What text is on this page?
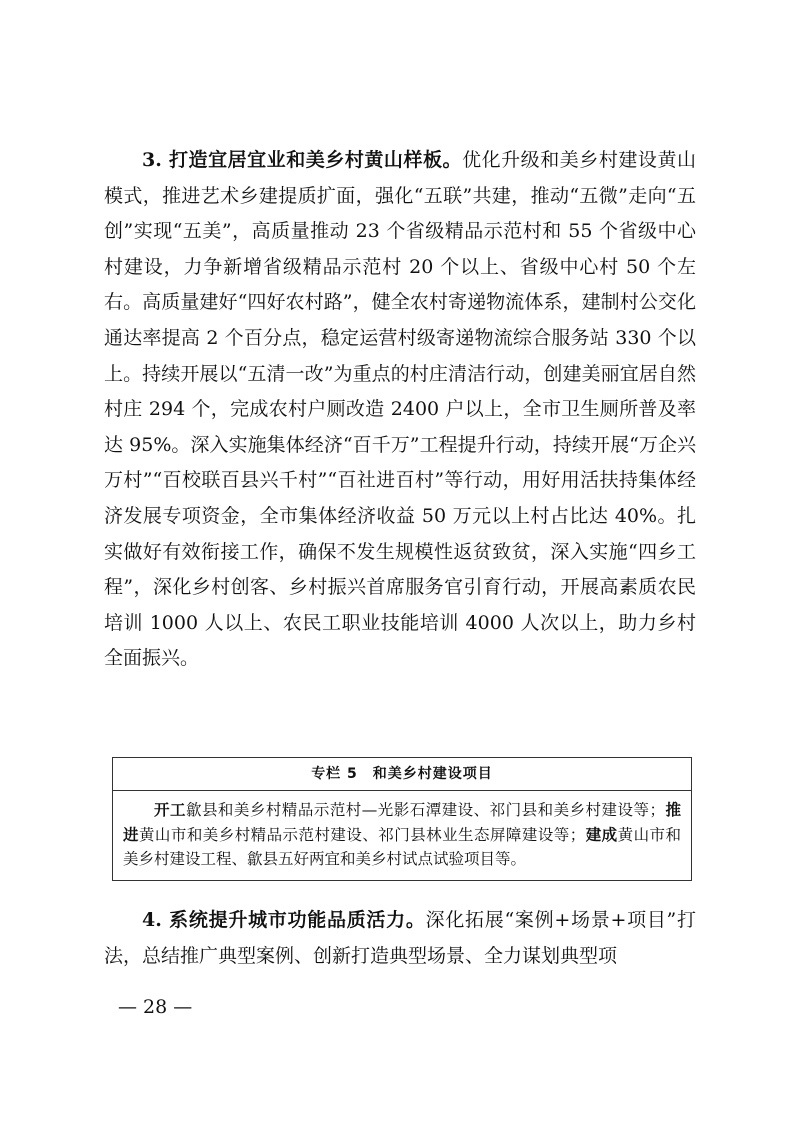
3. 打造宜居宜业和美乡村黄山样板。优化升级和美乡村建设黄山模式，推进艺术乡建提质扩面，强化“五联”共建，推动“五微”走向“五创”实现“五美”，高质量推动 23 个省级精品示范村和 55 个省级中心村建设，力争新增省级精品示范村 20 个以上、省级中心村 50 个左右。高质量建好“四好农村路”，健全农村寄递物流体系，建制村公交化通达率提高 2 个百分点，稳定运营村级寄递物流综合服务站 330 个以上。持续开展以“五清一改”为重点的村庄清洁行动，创建美丽宜居自然村庄 294 个，完成农村户厕改造 2400 户以上，全市卫生厕所普及率达 95%。深入实施集体经济“百千万”工程提升行动，持续开展“万企兴万村”“百校联百县兴千村”“百社进百村”等行动，用好用活扶持集体经济发展专项资金，全市集体经济收益 50 万元以上村占比达 40%。扎实做好有效衔接工作，确保不发生规模性返贫致贫，深入实施“四乡工程”，深化乡村创客、乡村振兴首席服务官引育行动，开展高素质农民培训 1000 人以上、农民工职业技能培训 4000 人次以上，助力乡村全面振兴。

专栏 5　和美乡村建设项目

开工歙县和美乡村精品示范村—光影石潭建设、祁门县和美乡村建设等；推进黄山市和美乡村精品示范村建设、祁门县林业生态屏障建设等；建成黄山市和美乡村建设工程、歙县五好两宜和美乡村试点试验项目等。

4. 系统提升城市功能品质活力。深化拓展“案例+场景+项目”打法，总结推广典型案例、创新打造典型场景、全力谋划典型项

— 28 —
